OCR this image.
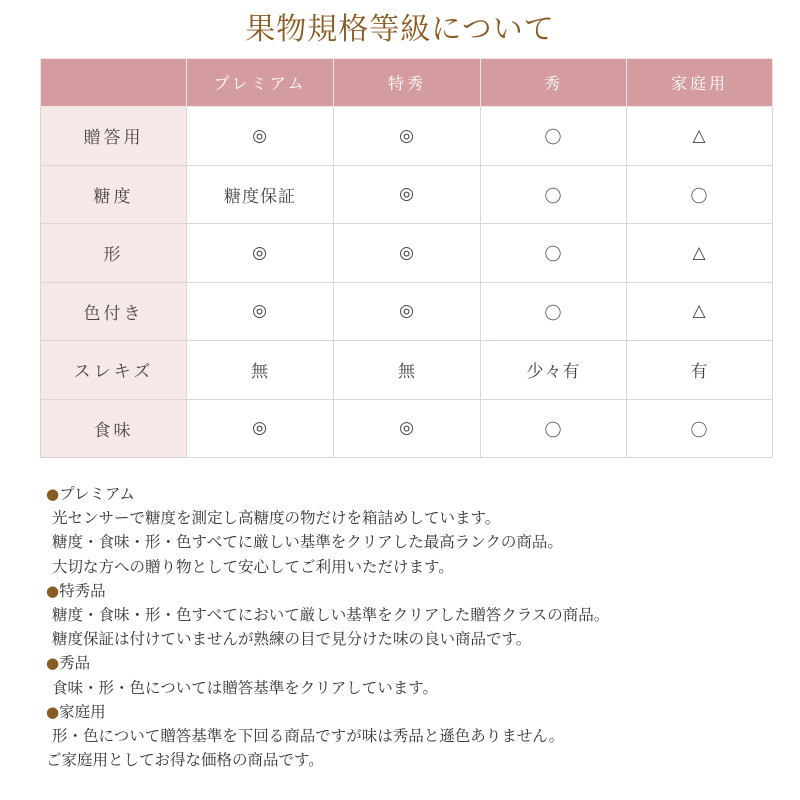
果物規格等級について
	プレミアム	特秀	秀	家庭用
贈答用	◎	◎	〇	△
糖度	糖度保証	◎	〇	〇
形	◎	◎	〇	△
色付き	◎	◎	〇	△
スレキズ	無	無	少々有	有
食味	◎	◎	〇	〇
●プレミアム
光センサーで糖度を測定し高糖度の物だけを箱詰めしています。
糖度・食味・形・色すべてに厳しい基準をクリアした最高ランクの商品。
大切な方への贈り物として安心してご利用いただけます。
●特秀品
糖度・食味・形・色すべてにおいて厳しい基準をクリアした贈答クラスの商品。
糖度保証は付けていませんが熟練の目で見分けた味の良い商品です。
●秀品
食味・形・色については贈答基準をクリアしています。
●家庭用
形・色について贈答基準を下回る商品ですが味は秀品と遜色ありません。
ご家庭用としてお得な価格の商品です。
